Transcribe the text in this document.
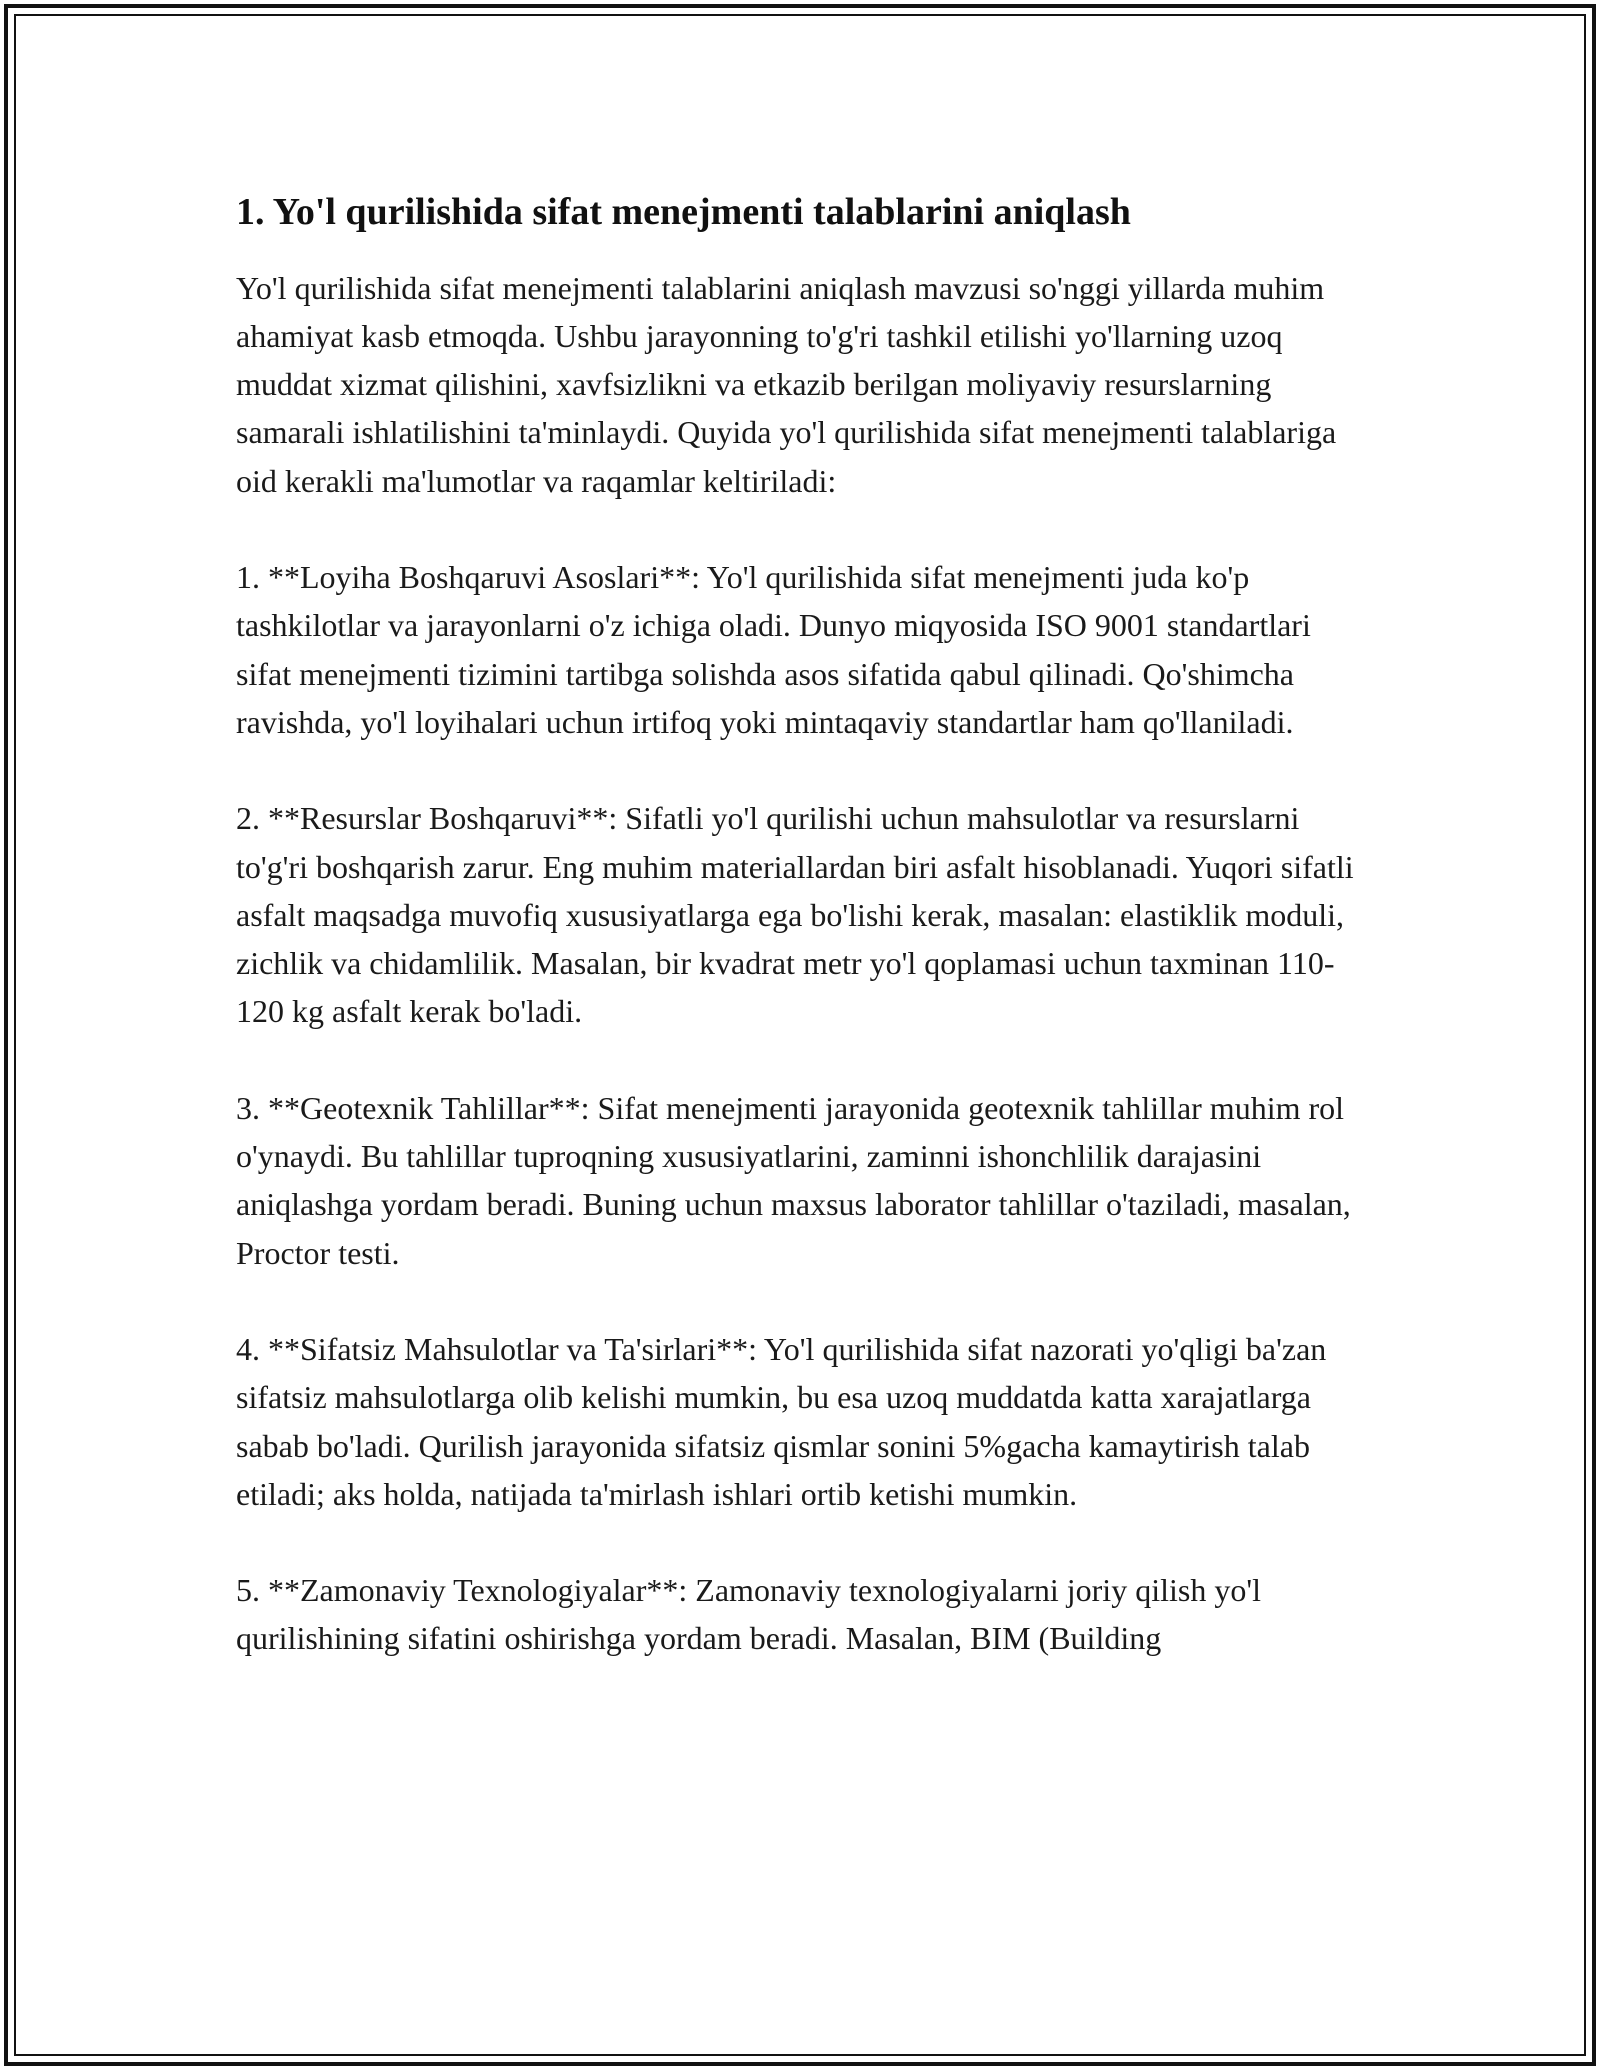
1. Yo'l qurilishida sifat menejmenti talablarini aniqlash

Yo'l qurilishida sifat menejmenti talablarini aniqlash mavzusi so'nggi yillarda muhim ahamiyat kasb etmoqda. Ushbu jarayonning to'g'ri tashkil etilishi yo'llarning uzoq muddat xizmat qilishini, xavfsizlikni va etkazib berilgan moliyaviy resurslarning samarali ishlatilishini ta'minlaydi. Quyida yo'l qurilishida sifat menejmenti talablariga oid kerakli ma'lumotlar va raqamlar keltiriladi:

1. **Loyiha Boshqaruvi Asoslari**: Yo'l qurilishida sifat menejmenti juda ko'p tashkilotlar va jarayonlarni o'z ichiga oladi. Dunyo miqyosida ISO 9001 standartlari sifat menejmenti tizimini tartibga solishda asos sifatida qabul qilinadi. Qo'shimcha ravishda, yo'l loyihalari uchun irtifoq yoki mintaqaviy standartlar ham qo'llaniladi.

2. **Resurslar Boshqaruvi**: Sifatli yo'l qurilishi uchun mahsulotlar va resurslarni to'g'ri boshqarish zarur. Eng muhim materiallardan biri asfalt hisoblanadi. Yuqori sifatli asfalt maqsadga muvofiq xususiyatlarga ega bo'lishi kerak, masalan: elastiklik moduli, zichlik va chidamlilik. Masalan, bir kvadrat metr yo'l qoplamasi uchun taxminan 110-120 kg asfalt kerak bo'ladi.

3. **Geotexnik Tahlillar**: Sifat menejmenti jarayonida geotexnik tahlillar muhim rol o'ynaydi. Bu tahlillar tuproqning xususiyatlarini, zaminni ishonchlilik darajasini aniqlashga yordam beradi. Buning uchun maxsus laborator tahlillar o'taziladi, masalan, Proctor testi.

4. **Sifatsiz Mahsulotlar va Ta'sirlari**: Yo'l qurilishida sifat nazorati yo'qligi ba'zan sifatsiz mahsulotlarga olib kelishi mumkin, bu esa uzoq muddatda katta xarajatlarga sabab bo'ladi. Qurilish jarayonida sifatsiz qismlar sonini 5%gacha kamaytirish talab etiladi; aks holda, natijada ta'mirlash ishlari ortib ketishi mumkin.

5. **Zamonaviy Texnologiyalar**: Zamonaviy texnologiyalarni joriy qilish yo'l qurilishining sifatini oshirishga yordam beradi. Masalan, BIM (Building
